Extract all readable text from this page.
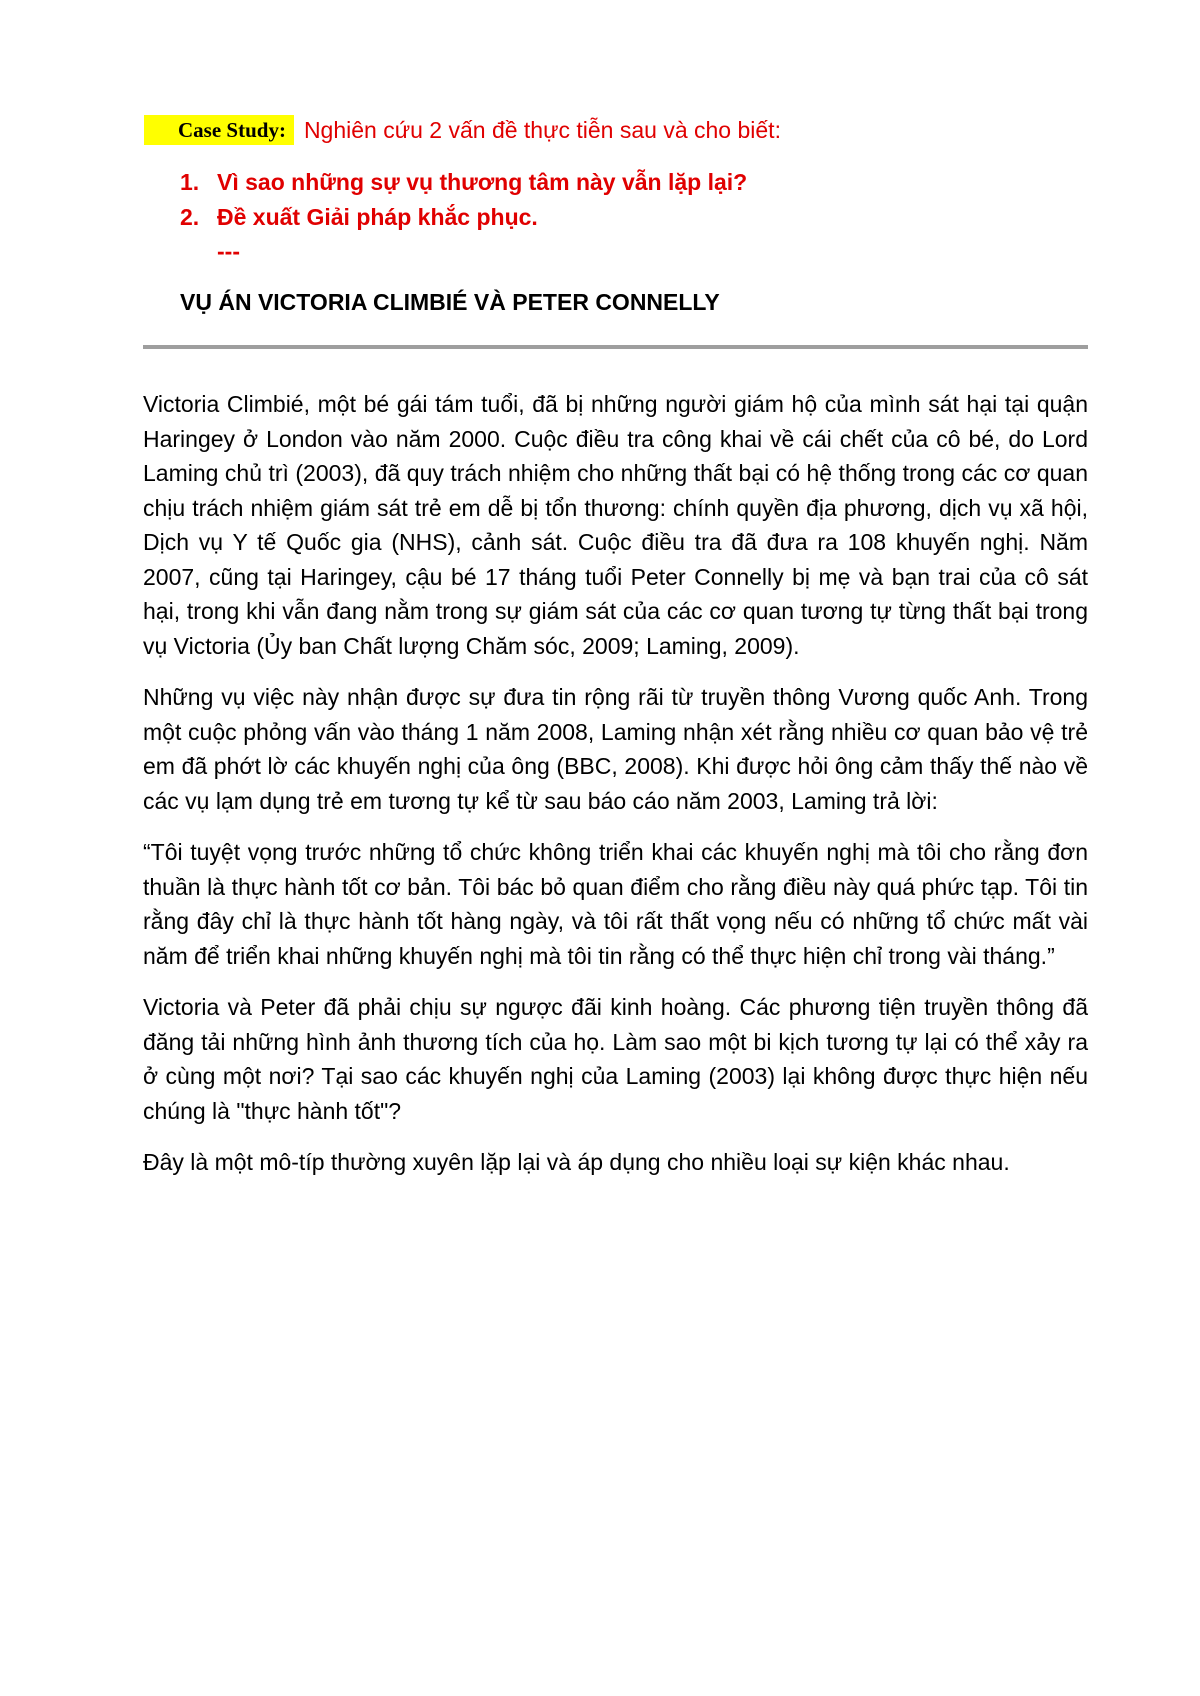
Case Study: Nghiên cứu 2 vấn đề thực tiễn sau và cho biết:
1. Vì sao những sự vụ thương tâm này vẫn lặp lại?
2. Đề xuất Giải pháp khắc phục.
---
VỤ ÁN VICTORIA CLIMBIÉ VÀ PETER CONNELLY

Victoria Climbié, một bé gái tám tuổi, đã bị những người giám hộ của mình sát hại tại quận Haringey ở London vào năm 2000. Cuộc điều tra công khai về cái chết của cô bé, do Lord Laming chủ trì (2003), đã quy trách nhiệm cho những thất bại có hệ thống trong các cơ quan chịu trách nhiệm giám sát trẻ em dễ bị tổn thương: chính quyền địa phương, dịch vụ xã hội, Dịch vụ Y tế Quốc gia (NHS), cảnh sát. Cuộc điều tra đã đưa ra 108 khuyến nghị. Năm 2007, cũng tại Haringey, cậu bé 17 tháng tuổi Peter Connelly bị mẹ và bạn trai của cô sát hại, trong khi vẫn đang nằm trong sự giám sát của các cơ quan tương tự từng thất bại trong vụ Victoria (Ủy ban Chất lượng Chăm sóc, 2009; Laming, 2009).

Những vụ việc này nhận được sự đưa tin rộng rãi từ truyền thông Vương quốc Anh. Trong một cuộc phỏng vấn vào tháng 1 năm 2008, Laming nhận xét rằng nhiều cơ quan bảo vệ trẻ em đã phớt lờ các khuyến nghị của ông (BBC, 2008). Khi được hỏi ông cảm thấy thế nào về các vụ lạm dụng trẻ em tương tự kể từ sau báo cáo năm 2003, Laming trả lời:

“Tôi tuyệt vọng trước những tổ chức không triển khai các khuyến nghị mà tôi cho rằng đơn thuần là thực hành tốt cơ bản. Tôi bác bỏ quan điểm cho rằng điều này quá phức tạp. Tôi tin rằng đây chỉ là thực hành tốt hàng ngày, và tôi rất thất vọng nếu có những tổ chức mất vài năm để triển khai những khuyến nghị mà tôi tin rằng có thể thực hiện chỉ trong vài tháng.”

Victoria và Peter đã phải chịu sự ngược đãi kinh hoàng. Các phương tiện truyền thông đã đăng tải những hình ảnh thương tích của họ. Làm sao một bi kịch tương tự lại có thể xảy ra ở cùng một nơi? Tại sao các khuyến nghị của Laming (2003) lại không được thực hiện nếu chúng là "thực hành tốt"?

Đây là một mô-típ thường xuyên lặp lại và áp dụng cho nhiều loại sự kiện khác nhau.
